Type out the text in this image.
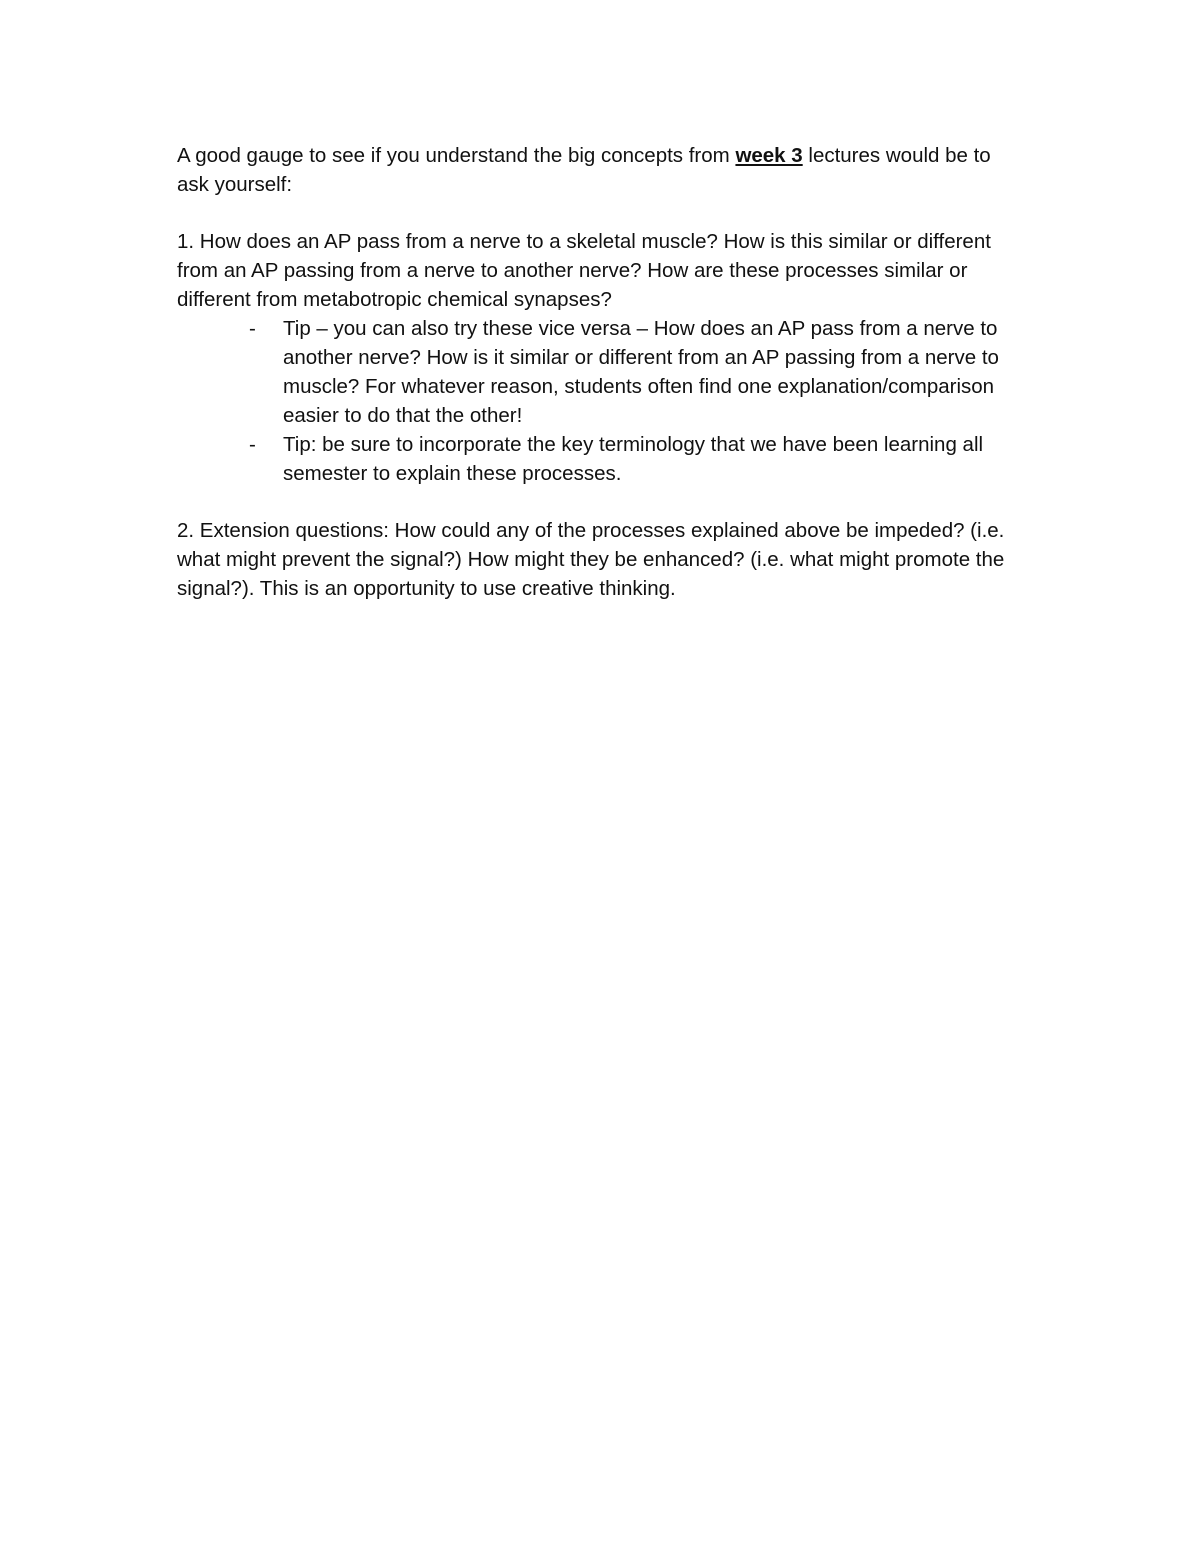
A good gauge to see if you understand the big concepts from week 3 lectures would be to ask yourself:

1. How does an AP pass from a nerve to a skeletal muscle? How is this similar or different from an AP passing from a nerve to another nerve? How are these processes similar or different from metabotropic chemical synapses?

- Tip – you can also try these vice versa – How does an AP pass from a nerve to another nerve? How is it similar or different from an AP passing from a nerve to muscle? For whatever reason, students often find one explanation/comparison easier to do that the other!
- Tip: be sure to incorporate the key terminology that we have been learning all semester to explain these processes.

2. Extension questions: How could any of the processes explained above be impeded? (i.e. what might prevent the signal?) How might they be enhanced? (i.e. what might promote the signal?). This is an opportunity to use creative thinking.
